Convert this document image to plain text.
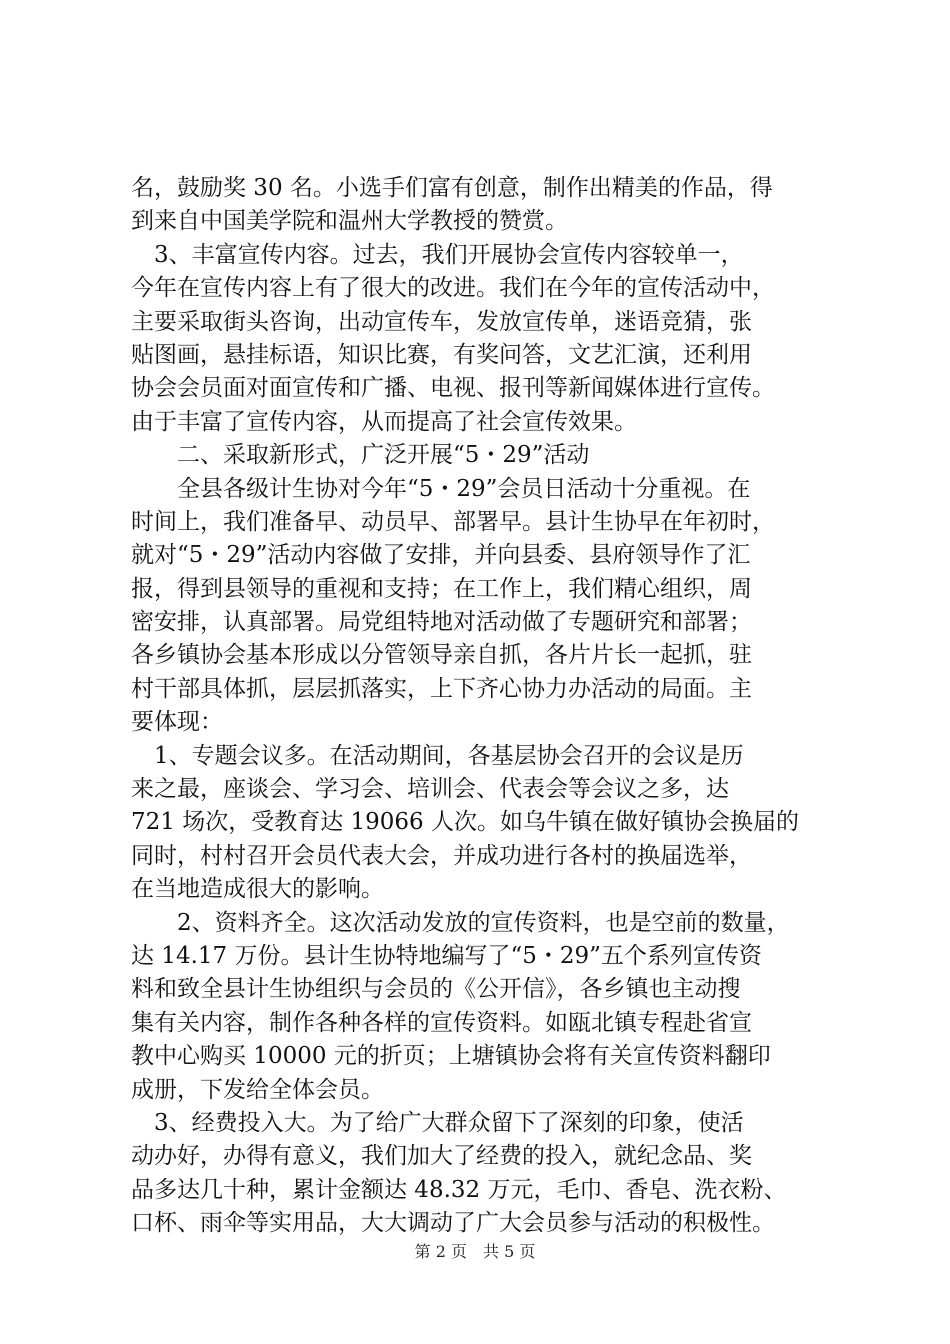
名，鼓励奖 30 名。小选手们富有创意，制作出精美的作品，得
到来自中国美学院和温州大学教授的赞赏。
　3、丰富宣传内容。过去，我们开展协会宣传内容较单一，
今年在宣传内容上有了很大的改进。我们在今年的宣传活动中，
主要采取街头咨询，出动宣传车，发放宣传单，迷语竞猜，张
贴图画，悬挂标语，知识比赛，有奖问答，文艺汇演，还利用
协会会员面对面宣传和广播、电视、报刊等新闻媒体进行宣传。
由于丰富了宣传内容，从而提高了社会宣传效果。
　　二、采取新形式，广泛开展“5・29”活动
　　全县各级计生协对今年“5・29”会员日活动十分重视。在
时间上，我们准备早、动员早、部署早。县计生协早在年初时，
就对“5・29”活动内容做了安排，并向县委、县府领导作了汇
报，得到县领导的重视和支持；在工作上，我们精心组织，周
密安排，认真部署。局党组特地对活动做了专题研究和部署；
各乡镇协会基本形成以分管领导亲自抓，各片片长一起抓，驻
村干部具体抓，层层抓落实，上下齐心协力办活动的局面。主
要体现：
　1、专题会议多。在活动期间，各基层协会召开的会议是历
来之最，座谈会、学习会、培训会、代表会等会议之多，达
721 场次，受教育达 19066 人次。如乌牛镇在做好镇协会换届的
同时，村村召开会员代表大会，并成功进行各村的换届选举，
在当地造成很大的影响。
　　2、资料齐全。这次活动发放的宣传资料，也是空前的数量，
达 14.17 万份。县计生协特地编写了“5・29”五个系列宣传资
料和致全县计生协组织与会员的《公开信》，各乡镇也主动搜
集有关内容，制作各种各样的宣传资料。如瓯北镇专程赴省宣
教中心购买 10000 元的折页；上塘镇协会将有关宣传资料翻印
成册，下发给全体会员。
　3、经费投入大。为了给广大群众留下了深刻的印象，使活
动办好，办得有意义，我们加大了经费的投入，就纪念品、奖
品多达几十种，累计金额达 48.32 万元，毛巾、香皂、洗衣粉、
口杯、雨伞等实用品，大大调动了广大会员参与活动的积极性。
第 2 页　共 5 页
